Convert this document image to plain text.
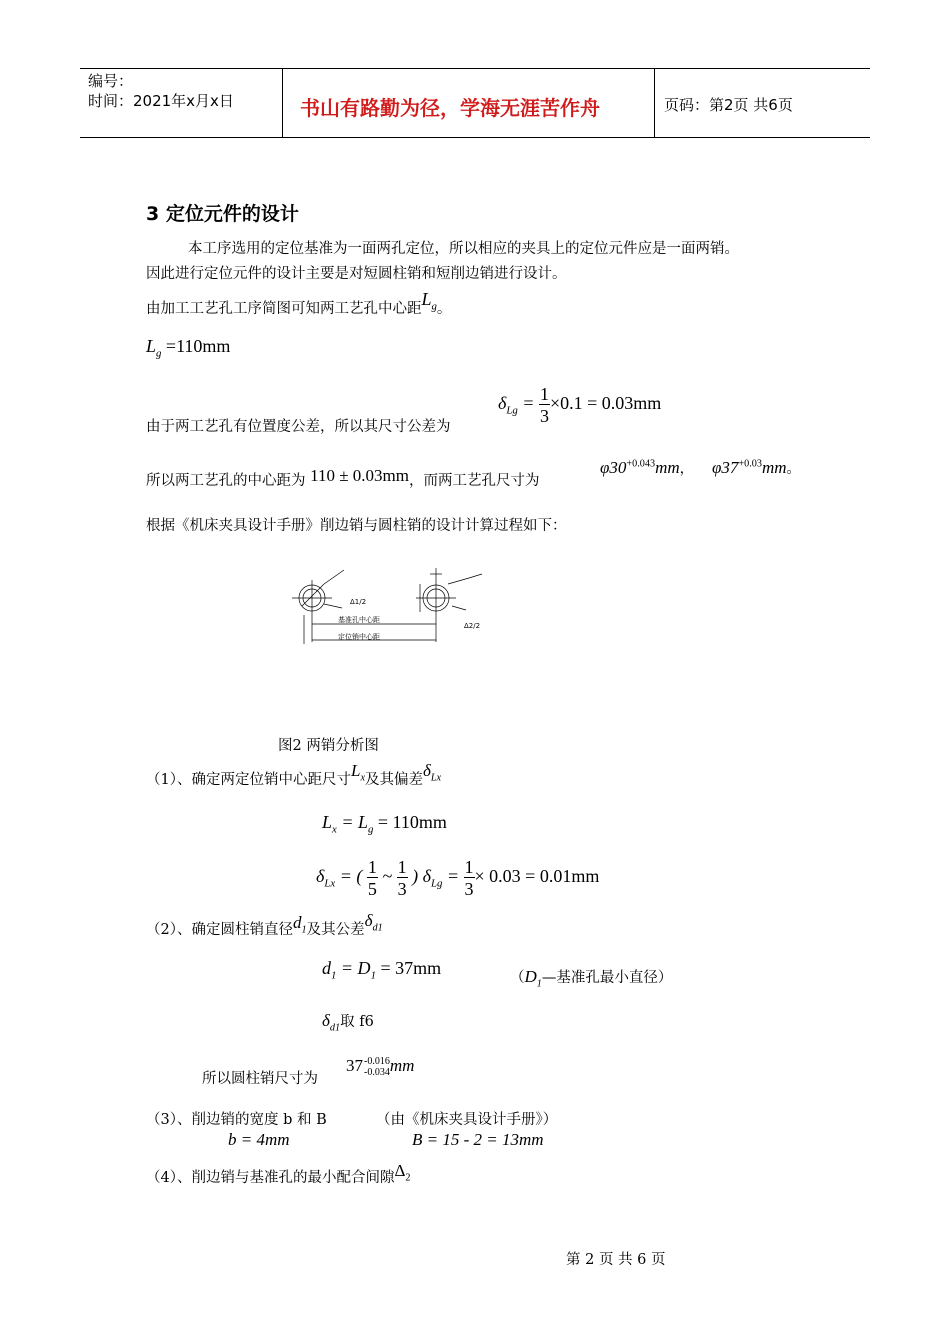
编号：
时间：2021年x月x日	书山有路勤为径，学海无涯苦作舟	页码：第2页 共6页
3 定位元件的设计
本工序选用的定位基准为一面两孔定位，所以相应的夹具上的定位元件应是一面两销。
因此进行定位元件的设计主要是对短圆柱销和短削边销进行设计。
由加工工艺孔工序简图可知两工艺孔中心距$L_g$。
$L_g =110mm$
由于两工艺孔有位置度公差，所以其尺寸公差为
$\delta_{Lg} = \frac{1}{3} \times 0.1 = 0.03mm$
所以两工艺孔的中心距为 110 ± 0.03mm，而两工艺孔尺寸为
$\varphi 30^{+0.043}mm$， $\varphi 37^{+0.03}mm$。
根据《机床夹具设计手册》削边销与圆柱销的设计计算过程如下：
基准孔中心距
定位销中心距
Δ1/2
Δ2/2
图2 两销分析图
（1）、确定两定位销中心距尺寸$L_x$及其偏差$\delta_{Lx}$
$L_x = L_g = 110mm$
$\delta_{Lx}$ = ( $\frac{1}{5}$ ~ $\frac{1}{3}$ ) $\delta_{Lg} = \frac{1}{3} \times 0.03 = 0.01mm$
（2）、确定圆柱销直径$d_1$及其公差$\delta_{d1}$
$d_1 = D_1 = 37mm$	（$D_1—$基准孔最小直径）
$\delta_{d1}$取 f6
所以圆柱销尺寸为
37 -0.016
-0.034 mm
（3）、削边销的宽度 b 和 B	（由《机床夹具设计手册》）
b = 4mm	B = 15 - 2 = 13mm
（4）、削边销与基准孔的最小配合间隙$\Delta_2$
第 2 页 共 6 页
